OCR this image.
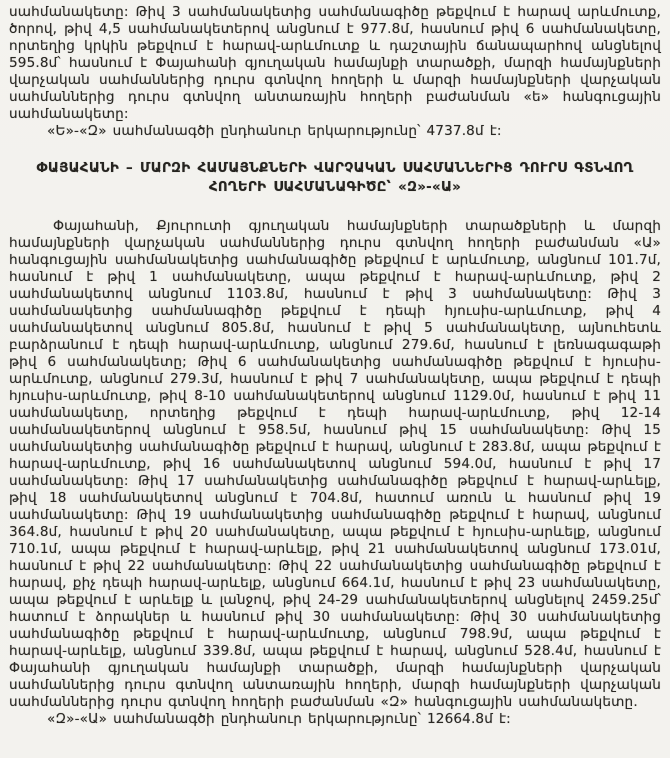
սահմանակետը: Թիվ 3 սահմանակետից սահմանագիծը թեքվում է հարավ արևմուտք, ծորով, թիվ 4,5 սահմանակետերով անցնում է 977.8մ, հասնում թիվ 6 սահմանակետը, որտեղից կրկին թեքվում է հարավ-արևմուտք և դաշտային ճանապարհով անցնելով 595.8մ՝ հասնում է Փայահանի գյուղական համայնքի տարածքի, մարզի համայնքների վարչական սահմաններից դուրս գտնվող հողերի և մարզի համայնքների վարչական սահմաններից դուրս գտնվող անտառային հողերի բաժանման «ե» հանգուցային սահմանակետը:

«Ե»-«Զ» սահմանագծի ընդհանուր երկարությունը՝ 4737.8մ է:

ՓԱՅԱՀԱՆԻ – ՄԱՐԶԻ ՀԱՄԱՅՆՔՆԵՐԻ ՎԱՐՉԱԿԱՆ ՍԱՀՄԱՆՆԵՐԻՑ ԴՈՒՐՍ ԳՏՆՎՈՂ
ՀՈՂԵՐԻ ՍԱՀՄԱՆԱԳԻԾԸ՝ «Զ»-«Ա»

Փայահանի, Քյուրուտի գյուղական համայնքների տարածքների և մարզի համայնքների վարչական սահմաններից դուրս գտնվող հողերի բաժանման «Ա» հանգուցային սահմանակետից սահմանագիծը թեքվում է արևմուտք, անցնում 101.7մ, հասնում է թիվ 1 սահմանակետը, ապա թեքվում է հարավ-արևմուտք, թիվ 2 սահմանակետով անցնում 1103.8մ, հասնում է թիվ 3 սահմանակետը: Թիվ 3 սահմանակետից սահմանագիծը թեքվում է դեպի հյուսիս-արևմուտք, թիվ 4 սահմանակետով անցնում 805.8մ, հասնում է թիվ 5 սահմանակետը, այնուհետև բարձրանում է դեպի հարավ-արևմուտք, անցնում 279.6մ, հասնում է լեռնագագաթի թիվ 6 սահմանակետը; Թիվ 6 սահմանակետից սահմանագիծը թեքվում է հյուսիս-արևմուտք, անցնում 279.3մ, հասնում է թիվ 7 սահմանակետը, ապա թեքվում է դեպի հյուսիս-արևմուտք, թիվ 8-10 սահմանակետերով անցնում 1129.0մ, հասնում է թիվ 11 սահմանակետը, որտեղից թեքվում է դեպի հարավ-արևմուտք, թիվ 12-14 սահմանակետերով անցնում է 958.5մ, հասնում թիվ 15 սահմանակետը: Թիվ 15 սահմանակետից սահմանագիծը թեքվում է հարավ, անցնում է 283.8մ, ապա թեքվում է հարավ-արևմուտք, թիվ 16 սահմանակետով անցնում 594.0մ, հասնում է թիվ 17 սահմանակետը: Թիվ 17 սահմանակետից սահմանագիծը թեքվում է հարավ-արևելք, թիվ 18 սահմանակետով անցնում է 704.8մ, հատում առուն և հասնում թիվ 19 սահմանակետը: Թիվ 19 սահմանակետից սահմանագիծը թեքվում է հարավ, անցնում 364.8մ, հասնում է թիվ 20 սահմանակետը, ապա թեքվում է հյուսիս-արևելք, անցնում 710.1մ, ապա թեքվում է հարավ-արևելք, թիվ 21 սահմանակետով անցնում 173.01մ, հասնում է թիվ 22 սահմանակետը: Թիվ 22 սահմանակետից սահմանագիծը թեքվում է հարավ, քիչ դեպի հարավ-արևելք, անցնում 664.1մ, հասնում է թիվ 23 սահմանակետը, ապա թեքվում է արևելք և լանջով, թիվ 24-29 սահմանակետերով անցնելով 2459.25մ՝ հատում է ձորակներ և հասնում թիվ 30 սահմանակետը: Թիվ 30 սահմանակետից սահմանագիծը թեքվում է հարավ-արևմուտք, անցնում 798.9մ, ապա թեքվում է հարավ-արևելք, անցնում 339.8մ, ապա թեքվում է հարավ, անցնում 528.4մ, հասնում է Փայահանի գյուղական համայնքի տարածքի, մարզի համայնքների վարչական սահմաններից դուրս գտնվող անտառային հողերի, մարզի համայնքների վարչական սահմաններից դուրս գտնվող հողերի բաժանման «Զ» հանգուցային սահմանակետը.

«Զ»-«Ա» սահմանագծի ընդհանուր երկարությունը՝ 12664.8մ է:
